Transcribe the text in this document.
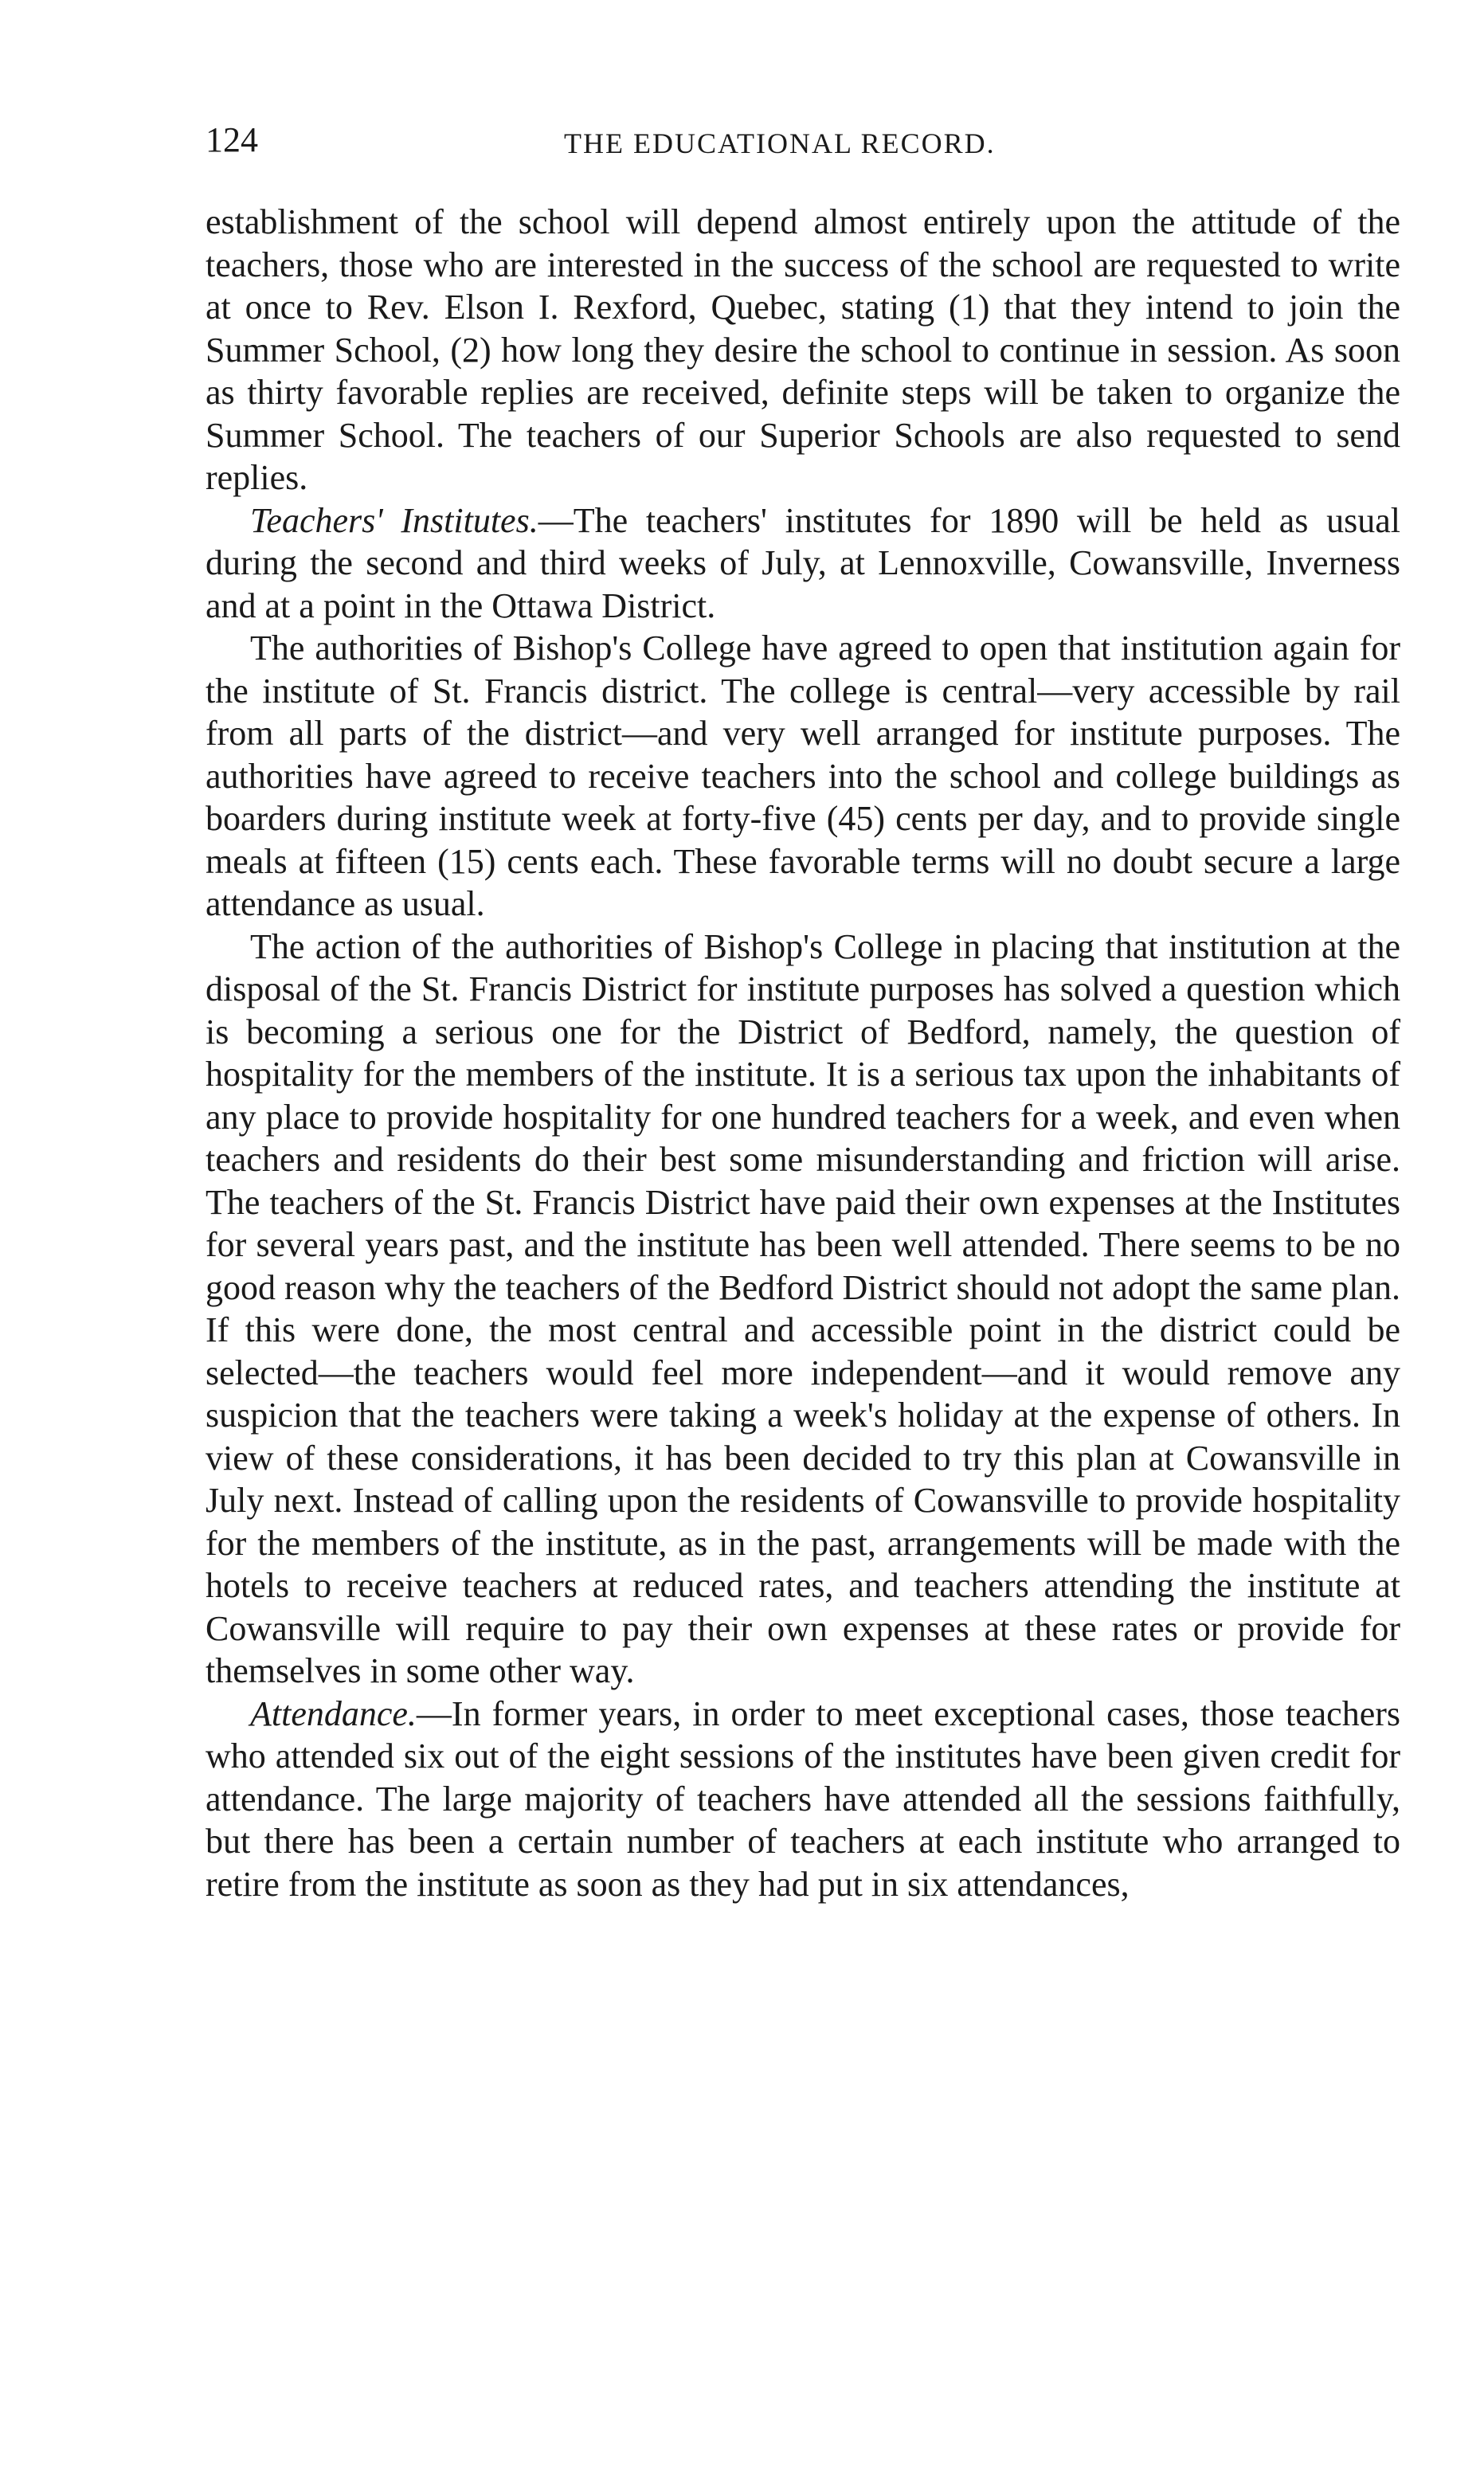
124	THE EDUCATIONAL RECORD.

establishment of the school will depend almost entirely upon the attitude of the teachers, those who are interested in the success of the school are requested to write at once to Rev. Elson I. Rexford, Quebec, stating (1) that they intend to join the Summer School, (2) how long they desire the school to continue in session. As soon as thirty favorable replies are received, definite steps will be taken to organize the Summer School. The teachers of our Superior Schools are also requested to send replies.

Teachers' Institutes.—The teachers' institutes for 1890 will be held as usual during the second and third weeks of July, at Lennoxville, Cowansville, Inverness and at a point in the Ottawa District.

The authorities of Bishop's College have agreed to open that institution again for the institute of St. Francis district. The college is central—very accessible by rail from all parts of the district—and very well arranged for institute purposes. The authorities have agreed to receive teachers into the school and college buildings as boarders during institute week at forty-five (45) cents per day, and to provide single meals at fifteen (15) cents each. These favorable terms will no doubt secure a large attendance as usual.

The action of the authorities of Bishop's College in placing that institution at the disposal of the St. Francis District for institute purposes has solved a question which is becoming a serious one for the District of Bedford, namely, the question of hospitality for the members of the institute. It is a serious tax upon the inhabitants of any place to provide hospitality for one hundred teachers for a week, and even when teachers and residents do their best some misunderstanding and friction will arise. The teachers of the St. Francis District have paid their own expenses at the Institutes for several years past, and the institute has been well attended. There seems to be no good reason why the teachers of the Bedford District should not adopt the same plan. If this were done, the most central and accessible point in the district could be selected—the teachers would feel more independent—and it would remove any suspicion that the teachers were taking a week's holiday at the expense of others. In view of these considerations, it has been decided to try this plan at Cowansville in July next. Instead of calling upon the residents of Cowansville to provide hospitality for the members of the institute, as in the past, arrangements will be made with the hotels to receive teachers at reduced rates, and teachers attending the institute at Cowansville will require to pay their own expenses at these rates or provide for themselves in some other way.

Attendance.—In former years, in order to meet exceptional cases, those teachers who attended six out of the eight sessions of the institutes have been given credit for attendance. The large majority of teachers have attended all the sessions faithfully, but there has been a certain number of teachers at each institute who arranged to retire from the institute as soon as they had put in six attendances,
